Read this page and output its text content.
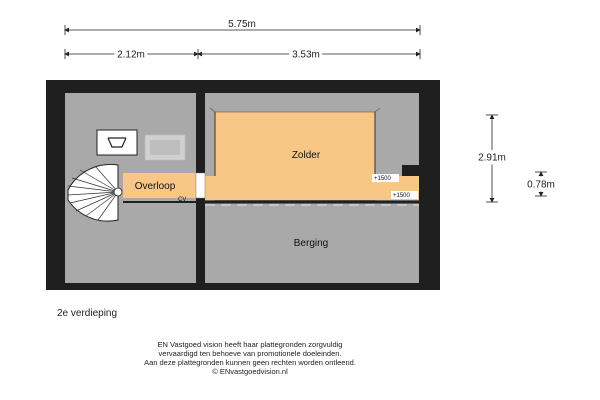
5.75m
2.12m	3.53m
2.91m
0.78m
Zolder
Overloop
Berging
CV
+1500
+1500
2e verdieping
EN Vastgoed vision heeft haar plattegronden zorgvuldig
vervaardigd ten behoeve van promotionele doeleinden.
Aan deze plattegronden kunnen geen rechten worden ontleend.
© ENvastgoedvision.nl
